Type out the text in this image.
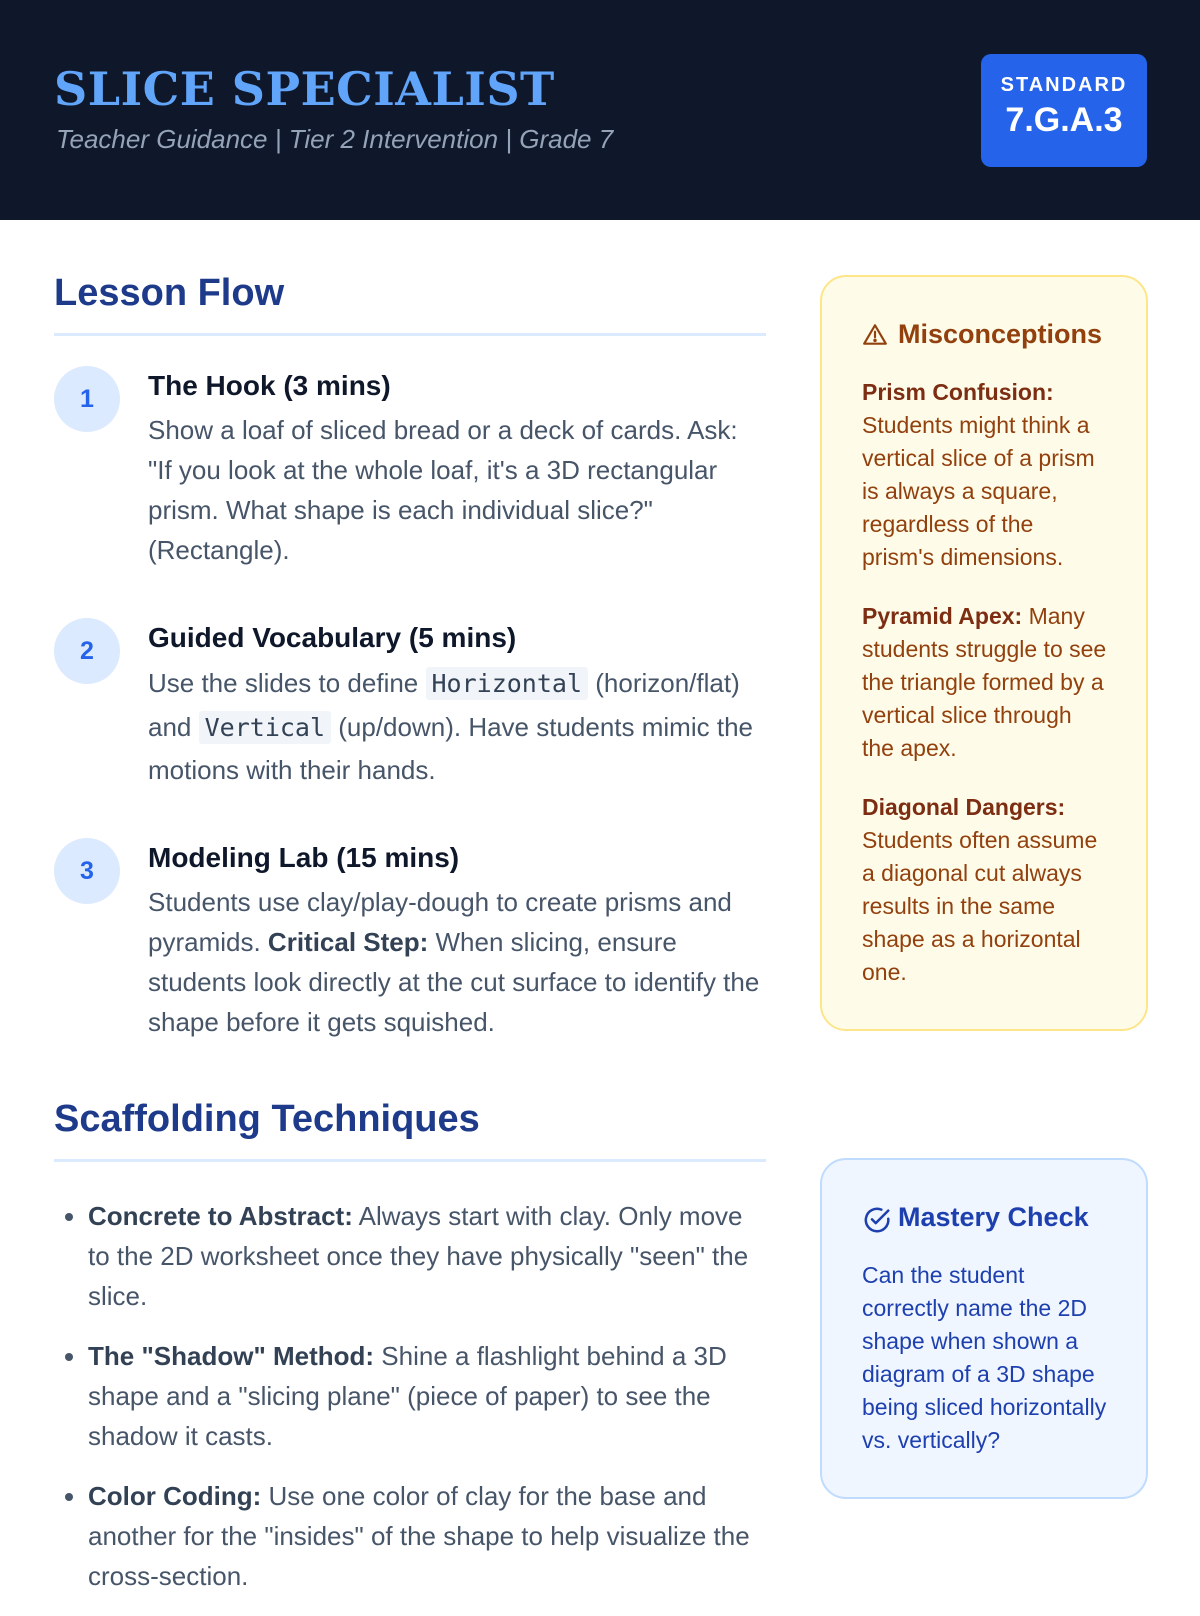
SLICE SPECIALIST
Teacher Guidance | Tier 2 Intervention | Grade 7
STANDARD
7.G.A.3
Lesson Flow
1	The Hook (3 mins)
Show a loaf of sliced bread or a deck of cards. Ask: "If you look at the whole loaf, it's a 3D rectangular prism. What shape is each individual slice?" (Rectangle).
2	Guided Vocabulary (5 mins)
Use the slides to define Horizontal (horizon/flat) and Vertical (up/down). Have students mimic the motions with their hands.
3	Modeling Lab (15 mins)
Students use clay/play-dough to create prisms and pyramids. Critical Step: When slicing, ensure students look directly at the cut surface to identify the shape before it gets squished.
Scaffolding Techniques
• Concrete to Abstract: Always start with clay. Only move to the 2D worksheet once they have physically "seen" the slice.
• The "Shadow" Method: Shine a flashlight behind a 3D shape and a "slicing plane" (piece of paper) to see the shadow it casts.
• Color Coding: Use one color of clay for the base and another for the "insides" of the shape to help visualize the cross-section.
Misconceptions
Prism Confusion: Students might think a vertical slice of a prism is always a square, regardless of the prism's dimensions.
Pyramid Apex: Many students struggle to see the triangle formed by a vertical slice through the apex.
Diagonal Dangers: Students often assume a diagonal cut always results in the same shape as a horizontal one.
Mastery Check
Can the student correctly name the 2D shape when shown a diagram of a 3D shape being sliced horizontally vs. vertically?
